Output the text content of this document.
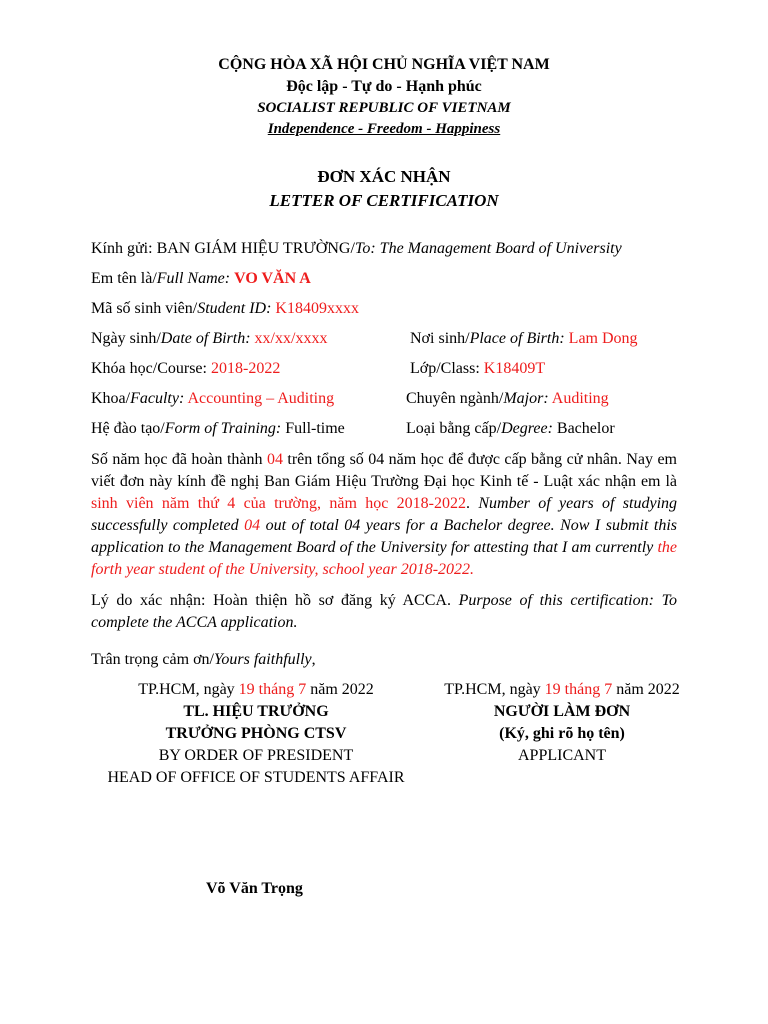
CỘNG HÒA XÃ HỘI CHỦ NGHĨA VIỆT NAM
Độc lập - Tự do - Hạnh phúc
SOCIALIST REPUBLIC OF VIETNAM
Independence - Freedom - Happiness
ĐƠN XÁC NHẬN
LETTER OF CERTIFICATION
Kính gửi: BAN GIÁM HIỆU TRƯỜNG/To: The Management Board of University
Em tên là/Full Name: VO VĂN A
Mã số sinh viên/Student ID: K18409xxxx
Ngày sinh/Date of Birth: xx/xx/xxxx	Nơi sinh/Place of Birth: Lam Dong
Khóa học/Course: 2018-2022	Lớp/Class: K18409T
Khoa/Faculty: Accounting – Auditing	Chuyên ngành/Major: Auditing
Hệ đào tạo/Form of Training: Full-time	Loại bằng cấp/Degree: Bachelor
Số năm học đã hoàn thành 04 trên tổng số 04 năm học để được cấp bằng cử nhân. Nay em viết đơn này kính đề nghị Ban Giám Hiệu Trường Đại học Kinh tế - Luật xác nhận em là sinh viên năm thứ 4 của trường, năm học 2018-2022. Number of years of studying successfully completed 04 out of total 04 years for a Bachelor degree. Now I submit this application to the Management Board of the University for attesting that I am currently the forth year student of the University, school year 2018-2022.
Lý do xác nhận: Hoàn thiện hồ sơ đăng ký ACCA. Purpose of this certification: To complete the ACCA application.
Trân trọng cảm ơn/Yours faithfully,
TP.HCM, ngày 19 tháng 7 năm 2022
TL. HIỆU TRƯỞNG
TRƯỞNG PHÒNG CTSV
BY ORDER OF PRESIDENT
HEAD OF OFFICE OF STUDENTS AFFAIR
Võ Văn Trọng
TP.HCM, ngày 19 tháng 7 năm 2022
NGƯỜI LÀM ĐƠN
(Ký, ghi rõ họ tên)
APPLICANT
